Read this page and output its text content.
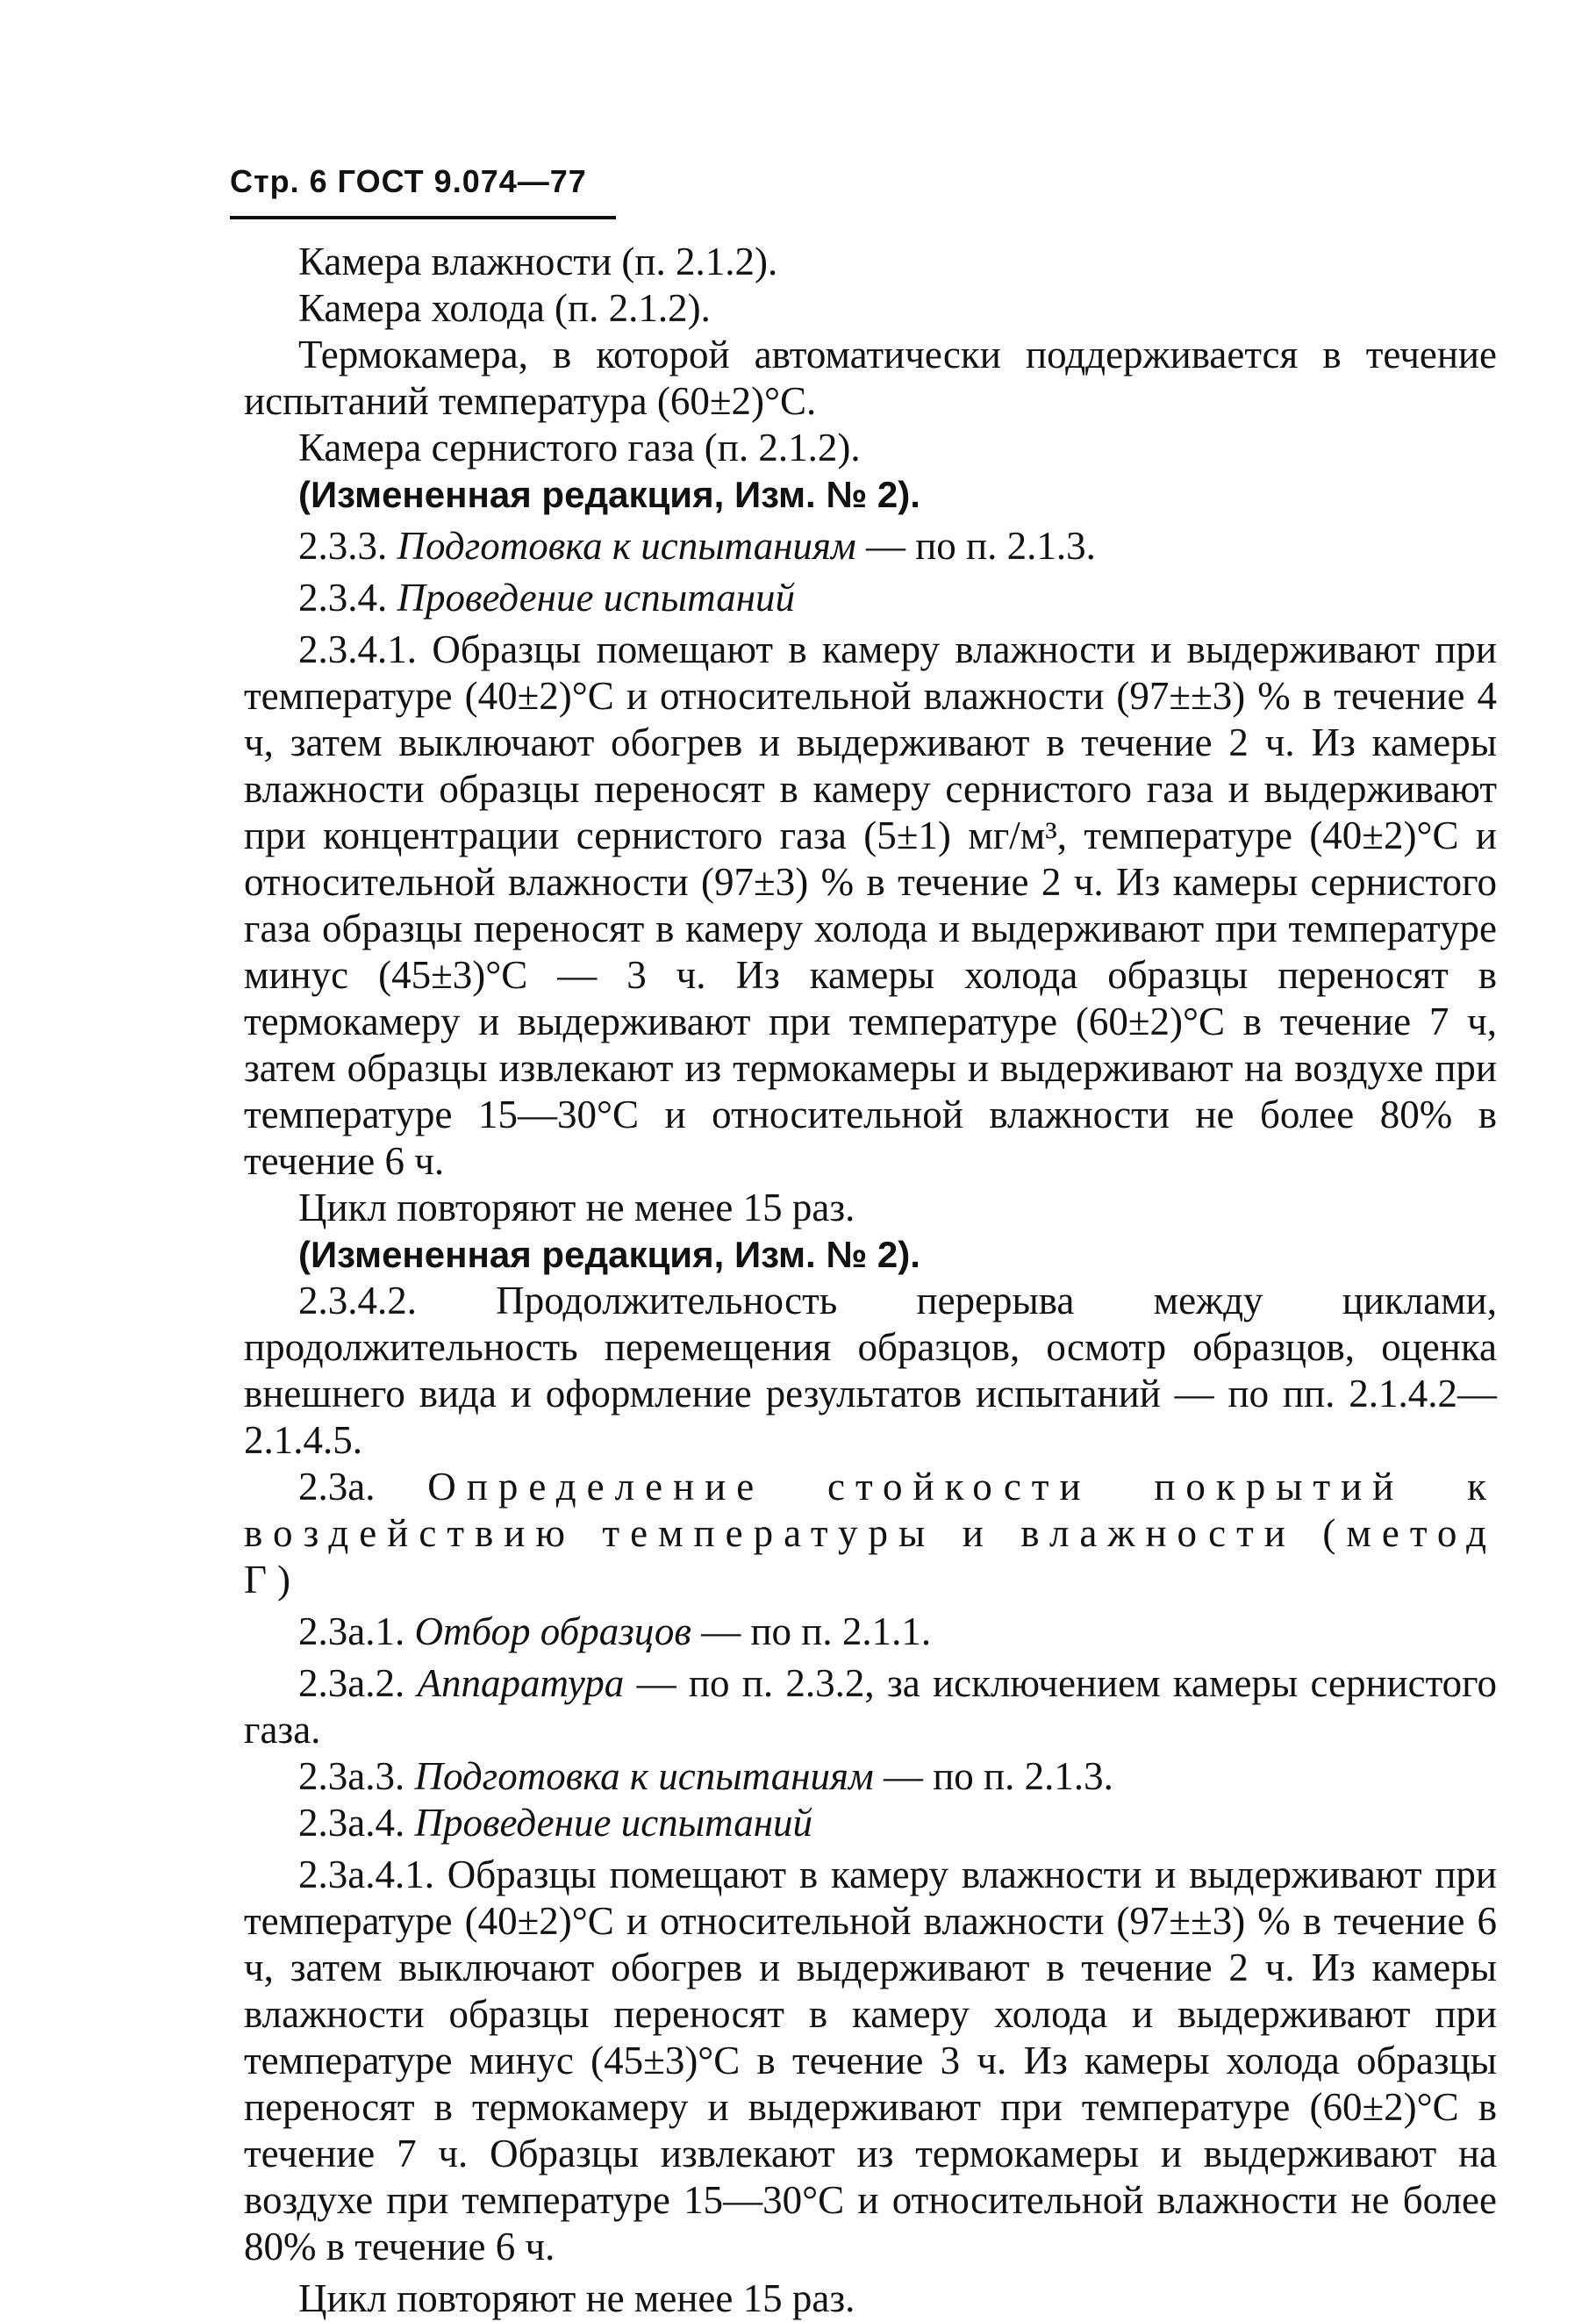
Стр. 6 ГОСТ 9.074—77

Камера влажности (п. 2.1.2).

Камера холода (п. 2.1.2).

Термокамера, в которой автоматически поддерживается в течение испытаний температура (60±2)°C.

Камера сернистого газа (п. 2.1.2).

(Измененная редакция, Изм. № 2).

2.3.3. Подготовка к испытаниям — по п. 2.1.3.

2.3.4. Проведение испытаний

2.3.4.1. Образцы помещают в камеру влажности и выдерживают при температуре (40±2)°C и относительной влажности (97±±3) % в течение 4 ч, затем выключают обогрев и выдерживают в течение 2 ч. Из камеры влажности образцы переносят в камеру сернистого газа и выдерживают при концентрации сернистого газа (5±1) мг/м³, температуре (40±2)°C и относительной влажности (97±3) % в течение 2 ч. Из камеры сернистого газа образцы переносят в камеру холода и выдерживают при температуре минус (45±3)°C — 3 ч. Из камеры холода образцы переносят в термокамеру и выдерживают при температуре (60±2)°C в течение 7 ч, затем образцы извлекают из термокамеры и выдерживают на воздухе при температуре 15—30°C и относительной влажности не более 80% в течение 6 ч.

Цикл повторяют не менее 15 раз.

(Измененная редакция, Изм. № 2).

2.3.4.2. Продолжительность перерыва между циклами, продолжительность перемещения образцов, осмотр образцов, оценка внешнего вида и оформление результатов испытаний — по пп. 2.1.4.2—2.1.4.5.

2.3а. Определение стойкости покрытий к воздействию температуры и влажности (метод Г)

2.3а.1. Отбор образцов — по п. 2.1.1.

2.3а.2. Аппаратура — по п. 2.3.2, за исключением камеры сернистого газа.

2.3а.3. Подготовка к испытаниям — по п. 2.1.3.

2.3а.4. Проведение испытаний

2.3а.4.1. Образцы помещают в камеру влажности и выдерживают при температуре (40±2)°C и относительной влажности (97±±3) % в течение 6 ч, затем выключают обогрев и выдерживают в течение 2 ч. Из камеры влажности образцы переносят в камеру холода и выдерживают при температуре минус (45±3)°C в течение 3 ч. Из камеры холода образцы переносят в термокамеру и выдерживают при температуре (60±2)°C в течение 7 ч. Образцы извлекают из термокамеры и выдерживают на воздухе при температуре 15—30°C и относительной влажности не более 80% в течение 6 ч.

Цикл повторяют не менее 15 раз.
